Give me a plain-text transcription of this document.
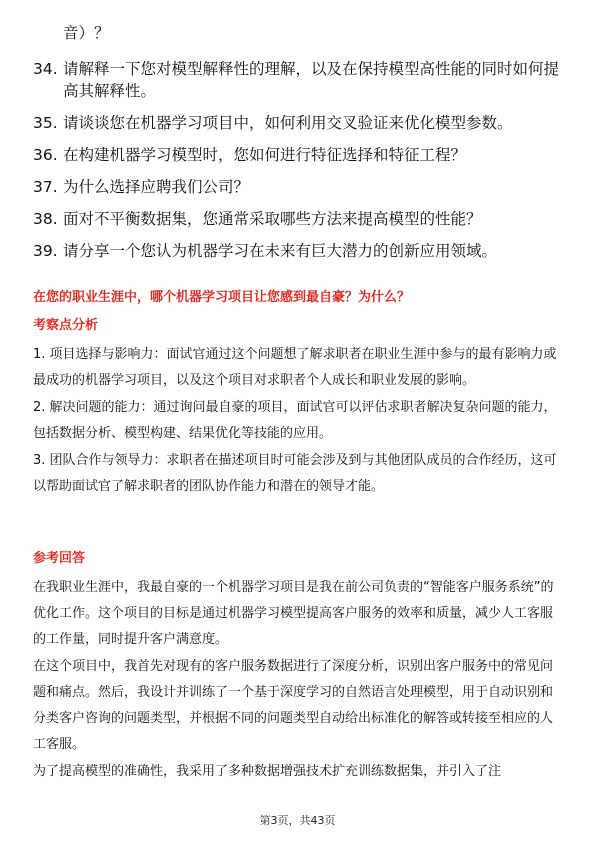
音）？
34. 请解释一下您对模型解释性的理解，以及在保持模型高性能的同时如何提高其解释性。
35. 请谈谈您在机器学习项目中，如何利用交叉验证来优化模型参数。
36. 在构建机器学习模型时，您如何进行特征选择和特征工程？
37. 为什么选择应聘我们公司？
38. 面对不平衡数据集，您通常采取哪些方法来提高模型的性能？
39. 请分享一个您认为机器学习在未来有巨大潜力的创新应用领域。
在您的职业生涯中，哪个机器学习项目让您感到最自豪？为什么？
考察点分析

1. 项目选择与影响力：面试官通过这个问题想了解求职者在职业生涯中参与的最有影响力或最成功的机器学习项目，以及这个项目对求职者个人成长和职业发展的影响。

2. 解决问题的能力：通过询问最自豪的项目，面试官可以评估求职者解决复杂问题的能力，包括数据分析、模型构建、结果优化等技能的应用。

3. 团队合作与领导力：求职者在描述项目时可能会涉及到与其他团队成员的合作经历，这可以帮助面试官了解求职者的团队协作能力和潜在的领导才能。

参考回答

在我职业生涯中，我最自豪的一个机器学习项目是我在前公司负责的“智能客户服务系统”的优化工作。这个项目的目标是通过机器学习模型提高客户服务的效率和质量，减少人工客服的工作量，同时提升客户满意度。

在这个项目中，我首先对现有的客户服务数据进行了深度分析，识别出客户服务中的常见问题和痛点。然后，我设计并训练了一个基于深度学习的自然语言处理模型，用于自动识别和分类客户咨询的问题类型，并根据不同的问题类型自动给出标准化的解答或转接至相应的人工客服。

为了提高模型的准确性，我采用了多种数据增强技术扩充训练数据集，并引入了注

第3页，共43页
